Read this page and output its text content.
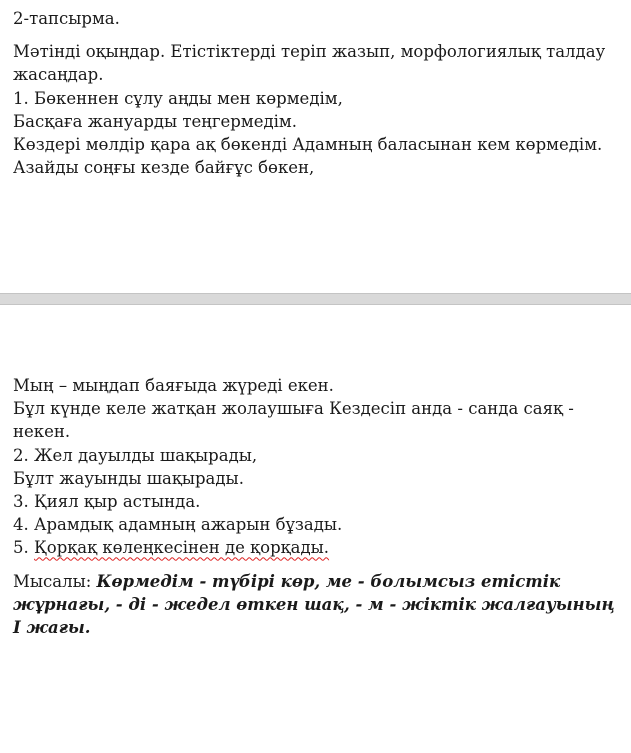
2-тапсырма.
Мәтінді оқыңдар. Етістіктерді теріп жазып, морфологиялық талдау жасаңдар.
1. Бөкеннен сұлу аңды мен көрмедім,
Басқаға жануарды теңгермедім.
Көздері мөлдір қара ақ бөкенді Адамның баласынан кем көрмедім.
Азайды соңғы кезде байғұс бөкен,
Мың – мыңдап баяғыда жүреді екен.
Бұл күнде келе жатқан жолаушыға Кездесіп анда - санда саяқ - некен.
2. Жел дауылды шақырады,
Бұлт жауынды шақырады.
3. Қиял қыр астында.
4. Арамдық адамның ажарын бұзады.
5. Қорқақ көлеңкесінен де қорқады.
Мысалы: Көрмедім - түбірі көр, ме - болымсыз етістік жұрнағы, - ді - жедел өткен шақ, - м - жіктік жалғауының І жағы.
